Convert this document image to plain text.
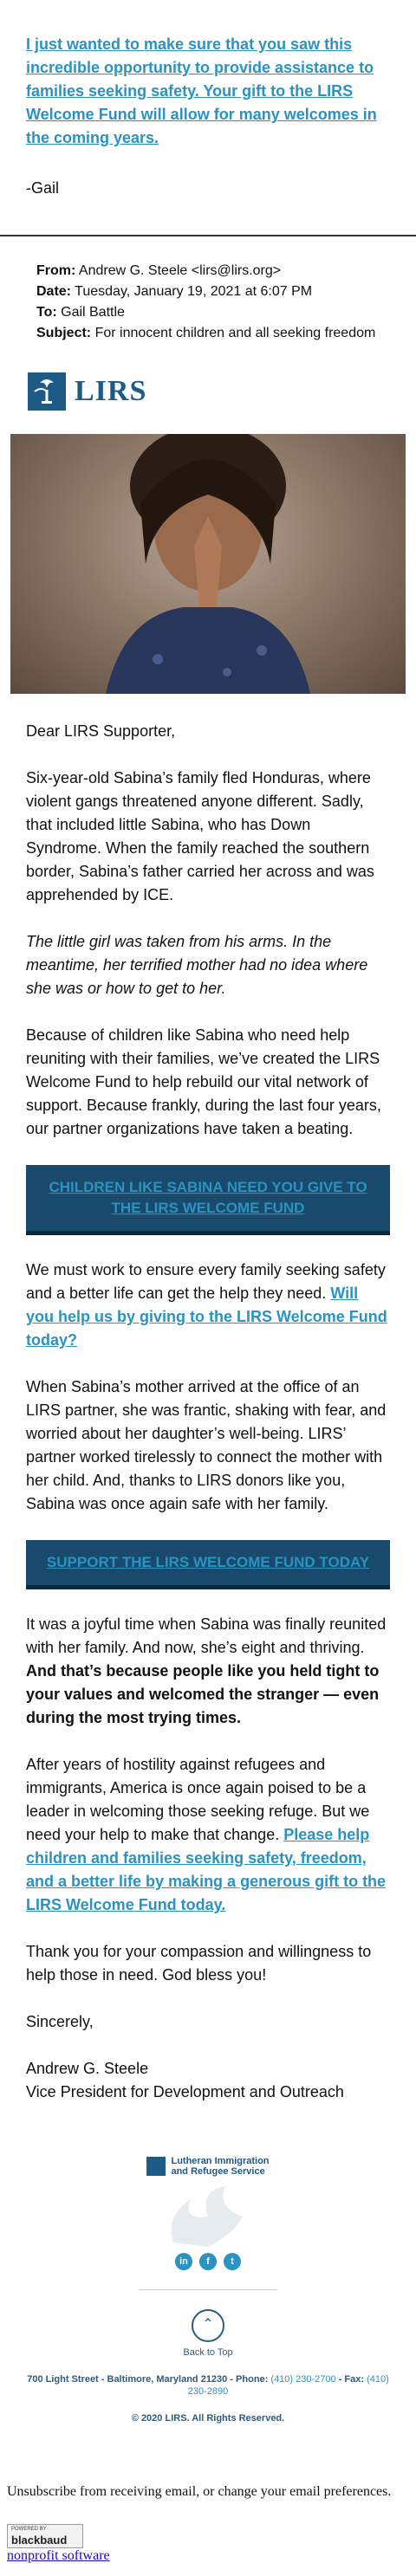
I just wanted to make sure that you saw this incredible opportunity to provide assistance to families seeking safety. Your gift to the LIRS Welcome Fund will allow for many welcomes in the coming years.
-Gail
From: Andrew G. Steele <lirs@lirs.org>
Date: Tuesday, January 19, 2021 at 6:07 PM
To: Gail Battle
Subject: For innocent children and all seeking freedom
LIRS

Dear LIRS Supporter,

Six-year-old Sabina’s family fled Honduras, where violent gangs threatened anyone different. Sadly, that included little Sabina, who has Down Syndrome. When the family reached the southern border, Sabina’s father carried her across and was apprehended by ICE.

The little girl was taken from his arms. In the meantime, her terrified mother had no idea where she was or how to get to her.

Because of children like Sabina who need help reuniting with their families, we’ve created the LIRS Welcome Fund to help rebuild our vital network of support. Because frankly, during the last four years, our partner organizations have taken a beating.

CHILDREN LIKE SABINA NEED YOU GIVE TO THE LIRS WELCOME FUND

We must work to ensure every family seeking safety and a better life can get the help they need. Will you help us by giving to the LIRS Welcome Fund today?

When Sabina’s mother arrived at the office of an LIRS partner, she was frantic, shaking with fear, and worried about her daughter’s well-being. LIRS’ partner worked tirelessly to connect the mother with her child. And, thanks to LIRS donors like you, Sabina was once again safe with her family.

SUPPORT THE LIRS WELCOME FUND TODAY

It was a joyful time when Sabina was finally reunited with her family. And now, she’s eight and thriving. And that’s because people like you held tight to your values and welcomed the stranger — even during the most trying times.

After years of hostility against refugees and immigrants, America is once again poised to be a leader in welcoming those seeking refuge. But we need your help to make that change. Please help children and families seeking safety, freedom, and a better life by making a generous gift to the LIRS Welcome Fund today.

Thank you for your compassion and willingness to help those in need. God bless you!

Sincerely,

Andrew G. Steele
Vice President for Development and Outreach

Lutheran Immigration
and Refugee Service
in	f	t
⌃
Back to Top
700 Light Street - Baltimore, Maryland 21230 - Phone: (410) 230-2700 - Fax: (410) 230-2890
© 2020 LIRS. All Rights Reserved.
Unsubscribe from receiving email, or change your email preferences.
POWERED BY
blackbaud
nonprofit software
